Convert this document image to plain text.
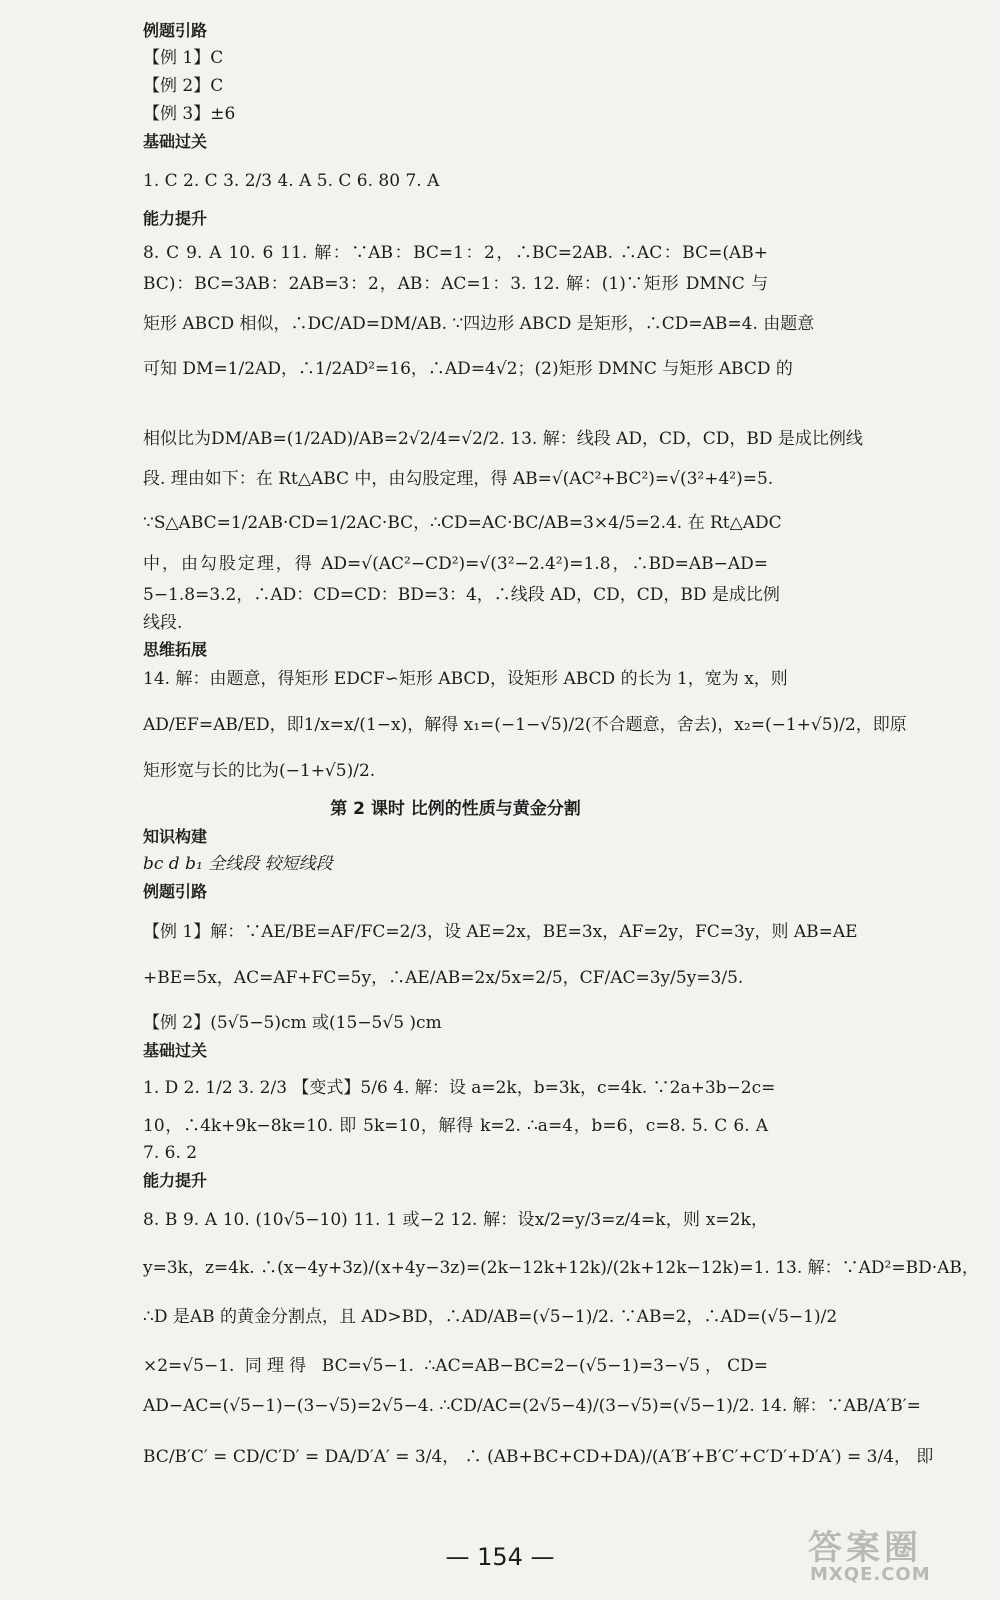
例题引路
【例 1】C
【例 2】C
【例 3】±6
基础过关
1. C 2. C 3. 2/3 4. A 5. C 6. 80 7. A
能力提升
8. C 9. A 10. 6 11. 解：∵AB：BC=1：2，∴BC=2AB. ∴AC：BC=(AB+
BC)：BC=3AB：2AB=3：2，AB：AC=1：3. 12. 解：(1)∵矩形 DMNC 与
矩形 ABCD 相似，∴DC/AD=DM/AB. ∵四边形 ABCD 是矩形，∴CD=AB=4. 由题意
可知 DM=1/2AD，∴1/2AD²=16，∴AD=4√2；(2)矩形 DMNC 与矩形 ABCD 的
相似比为DM/AB=(1/2AD)/AB=2√2/4=√2/2. 13. 解：线段 AD，CD，CD，BD 是成比例线
段. 理由如下：在 Rt△ABC 中，由勾股定理，得 AB=√(AC²+BC²)=√(3²+4²)=5.
∵S△ABC=1/2AB·CD=1/2AC·BC，∴CD=AC·BC/AB=3×4/5=2.4. 在 Rt△ADC
中，由勾股定理，得 AD=√(AC²−CD²)=√(3²−2.4²)=1.8，∴BD=AB−AD=
5−1.8=3.2，∴AD：CD=CD：BD=3：4，∴线段 AD，CD，CD，BD 是成比例
线段.
思维拓展
14. 解：由题意，得矩形 EDCF∽矩形 ABCD，设矩形 ABCD 的长为 1，宽为 x，则
AD/EF=AB/ED，即1/x=x/(1−x)，解得 x₁=(−1−√5)/2(不合题意，舍去)，x₂=(−1+√5)/2，即原
矩形宽与长的比为(−1+√5)/2.
第 2 课时 比例的性质与黄金分割
知识构建
bc d b₁ 全线段 较短线段
例题引路
【例 1】解：∵AE/BE=AF/FC=2/3，设 AE=2x，BE=3x，AF=2y，FC=3y，则 AB=AE
+BE=5x，AC=AF+FC=5y，∴AE/AB=2x/5x=2/5，CF/AC=3y/5y=3/5.
【例 2】(5√5−5)cm 或(15−5√5 )cm
基础过关
1. D 2. 1/2 3. 2/3 【变式】5/6 4. 解：设 a=2k，b=3k，c=4k. ∵2a+3b−2c=
10，∴4k+9k−8k=10. 即 5k=10，解得 k=2. ∴a=4，b=6，c=8. 5. C 6. A
7. 6. 2
能力提升
8. B 9. A 10. (10√5−10) 11. 1 或−2 12. 解：设x/2=y/3=z/4=k，则 x=2k，
y=3k，z=4k. ∴(x−4y+3z)/(x+4y−3z)=(2k−12k+12k)/(2k+12k−12k)=1. 13. 解：∵AD²=BD·AB，
∴D 是AB 的黄金分割点，且 AD>BD，∴AD/AB=(√5−1)/2. ∵AB=2，∴AD=(√5−1)/2
×2=√5−1. 同理得 BC=√5−1. ∴AC=AB−BC=2−(√5−1)=3−√5，CD=
AD−AC=(√5−1)−(3−√5)=2√5−4. ∴CD/AC=(2√5−4)/(3−√5)=(√5−1)/2. 14. 解：∵AB/A′B′=
BC/B′C′ = CD/C′D′ = DA/D′A′ = 3/4， ∴ (AB+BC+CD+DA)/(A′B′+B′C′+C′D′+D′A′) = 3/4， 即
— 154 —	答案圈
MXQE.COM
